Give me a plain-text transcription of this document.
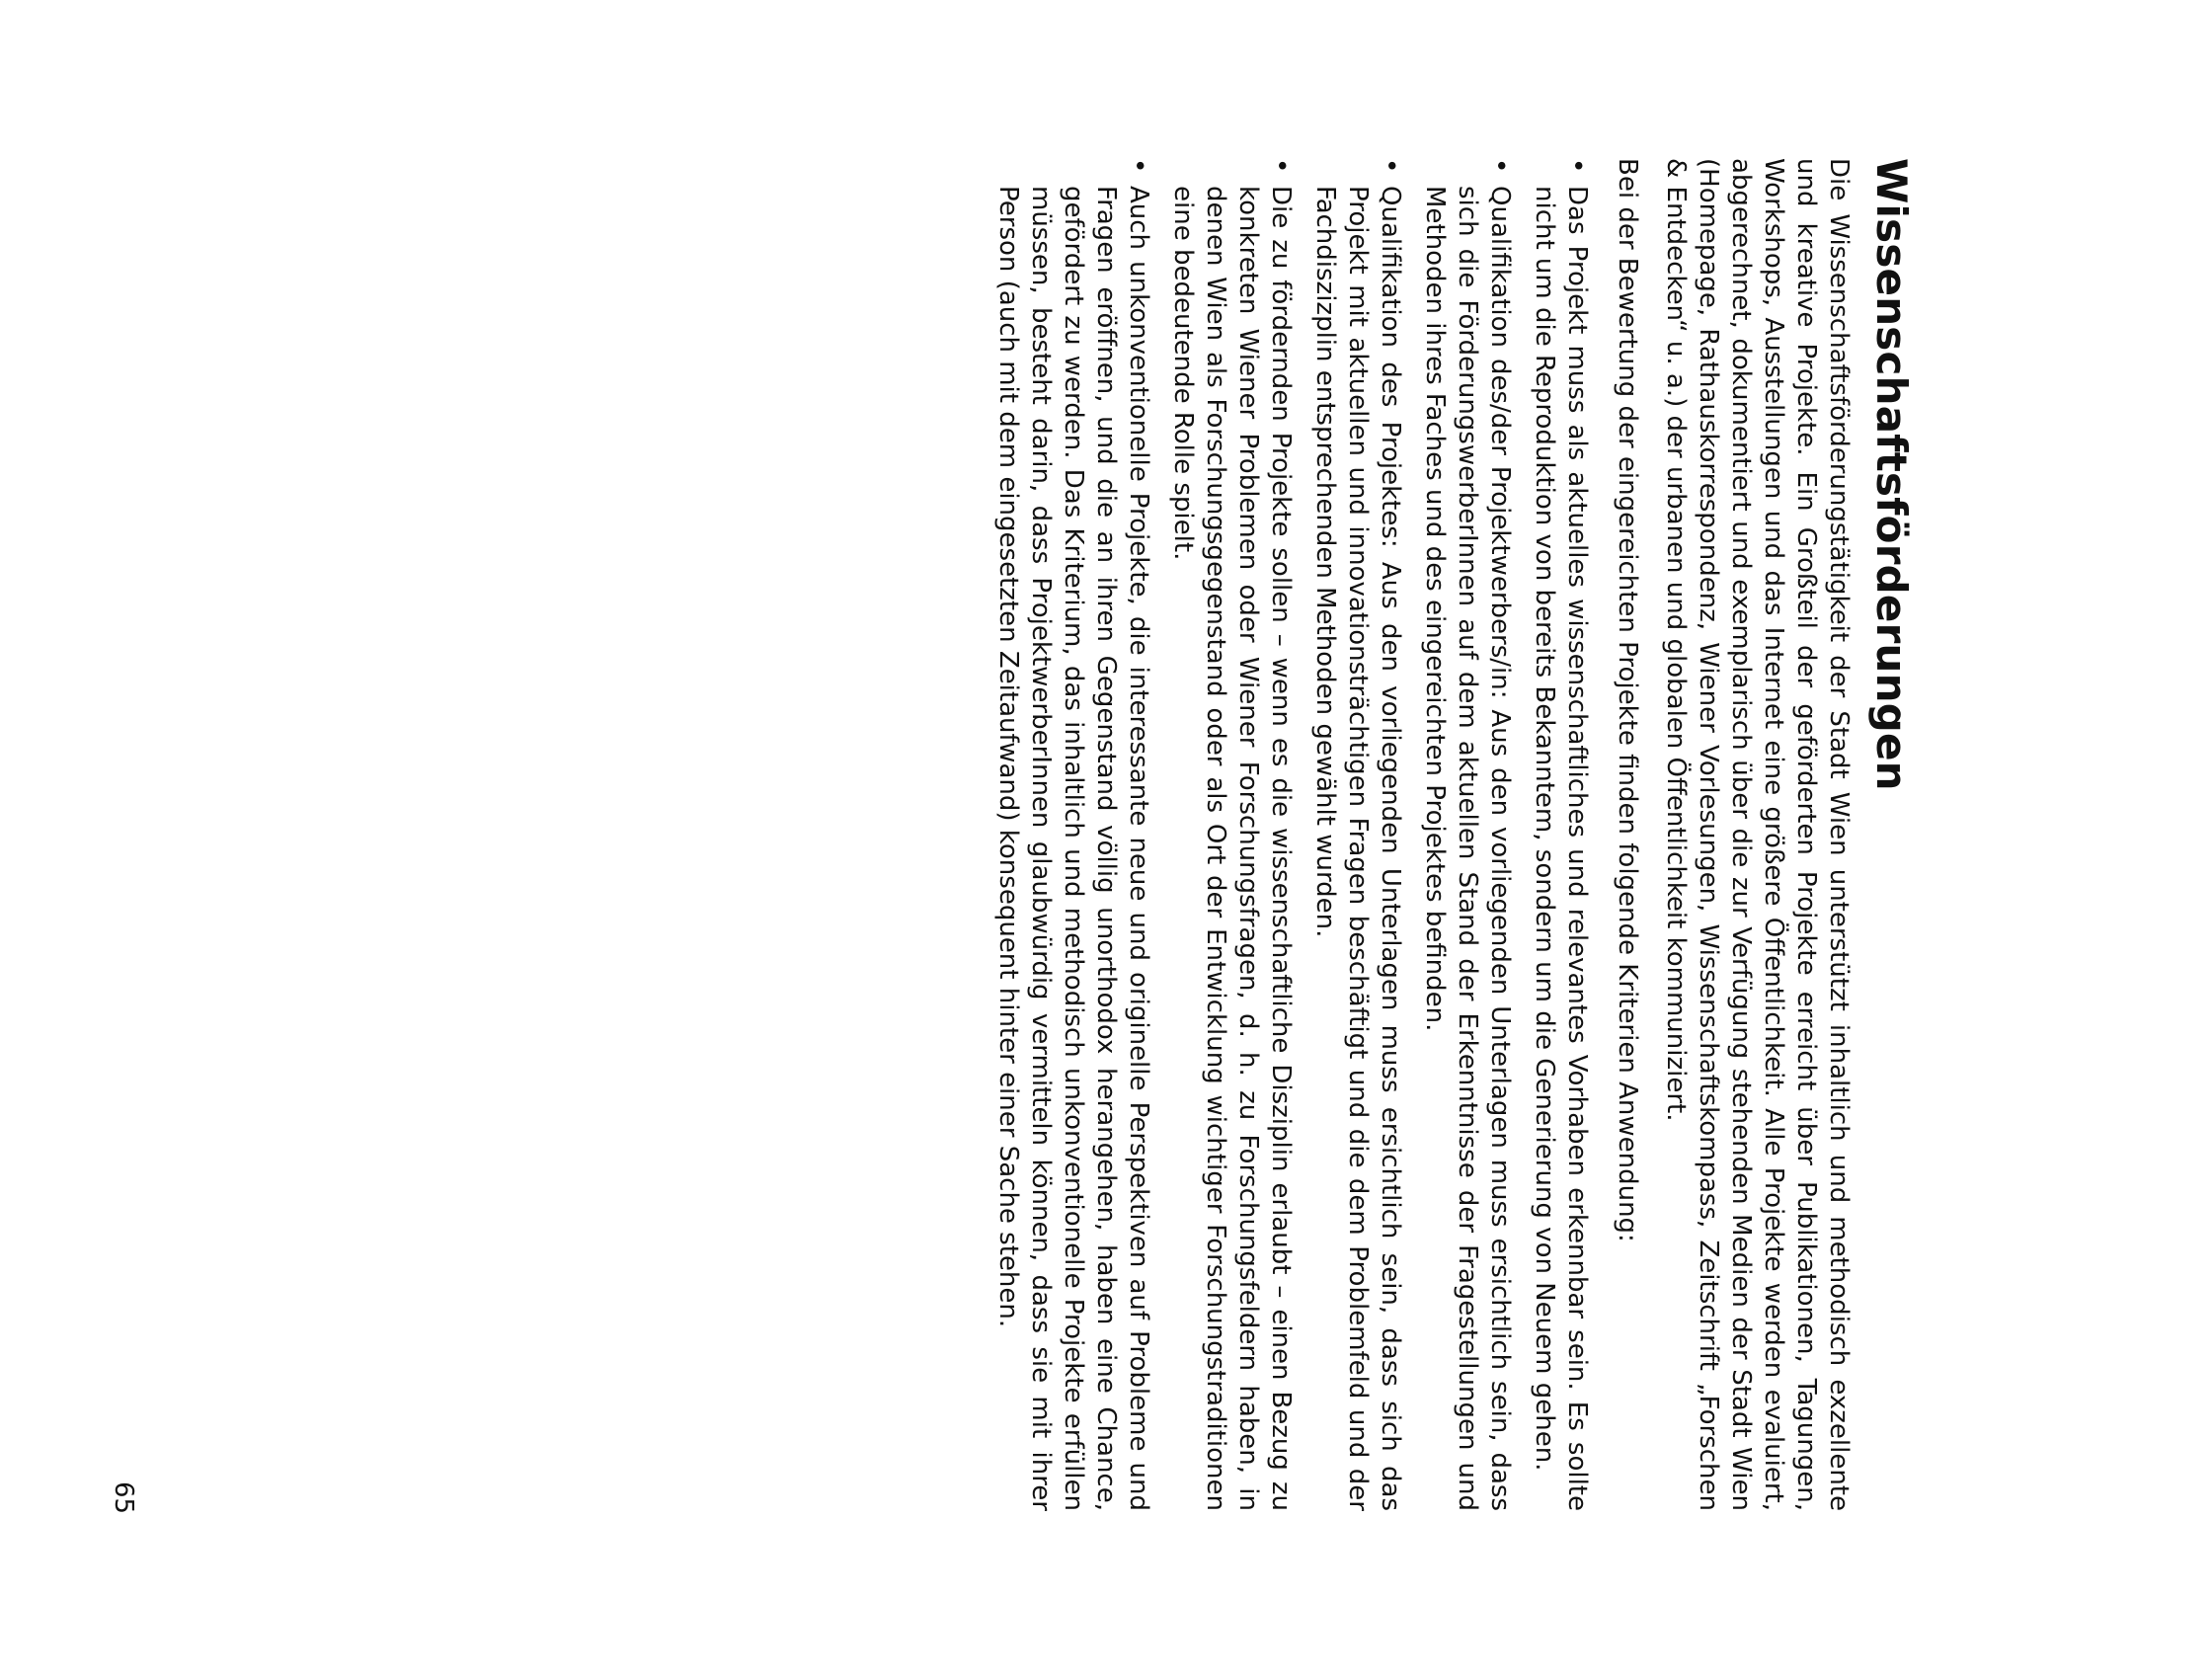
Wissenschaftsförderungen

Die Wissenschaftsförderungstätigkeit der Stadt Wien unterstützt inhaltlich und methodisch exzellente und kreative Projekte. Ein Großteil der geförderten Projekte erreicht über Publikationen, Tagungen, Workshops, Ausstellungen und das Internet eine größere Öffentlichkeit. Alle Projekte werden evaluiert, abgerechnet, dokumentiert und exemplarisch über die zur Verfügung stehenden Medien der Stadt Wien (Homepage, Rathauskorrespondenz, Wiener Vorlesungen, Wissenschaftskompass, Zeitschrift „Forschen & Entdecken“ u. a.) der urbanen und globalen Öffentlichkeit kommuniziert.

Bei der Bewertung der eingereichten Projekte finden folgende Kriterien Anwendung:

•
Das Projekt muss als aktuelles wissenschaftliches und relevantes Vorhaben erkennbar sein. Es sollte nicht um die Reproduktion von bereits Bekanntem, sondern um die Generierung von Neuem gehen.
•
Qualifikation des/der Projektwerbers/in: Aus den vorliegenden Unterlagen muss ersichtlich sein, dass sich die FörderungswerberInnen auf dem aktuellen Stand der Erkenntnisse der Fragestellungen und Methoden ihres Faches und des eingereichten Projektes befinden.
•
Qualifikation des Projektes: Aus den vorliegenden Unterlagen muss ersichtlich sein, dass sich das Projekt mit aktuellen und innovationsträchtigen Fragen beschäftigt und die dem Problemfeld und der Fachdiszizplin entsprechenden Methoden gewählt wurden.
•
Die zu fördernden Projekte sollen – wenn es die wissenschaftliche Disziplin erlaubt – einen Bezug zu konkreten Wiener Problemen oder Wiener Forschungsfragen, d. h. zu Forschungsfeldern haben, in denen Wien als Forschungsgegenstand oder als Ort der Entwicklung wichtiger Forschungstraditionen eine bedeutende Rolle spielt.
•
Auch unkonventionelle Projekte, die interessante neue und originelle Perspektiven auf Probleme und Fragen eröffnen, und die an ihren Gegenstand völlig unorthodox herangehen, haben eine Chance, gefördert zu werden. Das Kriterium, das inhaltlich und methodisch unkonventionelle Projekte erfüllen müssen, besteht darin, dass ProjektwerberInnen glaubwürdig vermitteln können, dass sie mit ihrer Person (auch mit dem eingesetzten Zeitaufwand) konsequent hinter einer Sache stehen.
65
